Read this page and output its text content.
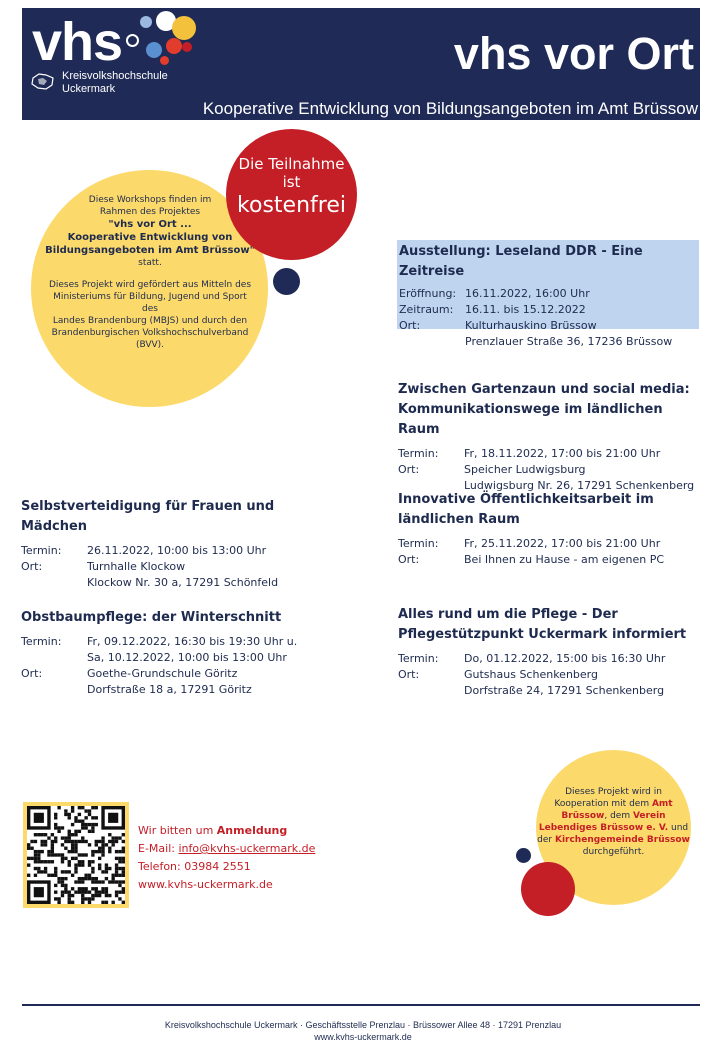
vhs
Kreisvolkshochschule
Uckermark
vhs vor Ort
Kooperative Entwicklung von Bildungsangeboten im Amt Brüssow
Diese Workshops finden im
Rahmen des Projektes
"vhs vor Ort ...
Kooperative Entwicklung von
Bildungsangeboten im Amt Brüssow"
statt.
Dieses Projekt wird gefördert aus Mitteln des
Ministeriums für Bildung, Jugend und Sport des
Landes Brandenburg (MBJS) und durch den
Brandenburgischen Volkshochschulverband
(BVV).
Die Teilnahme
ist
kostenfrei
Ausstellung: Leseland DDR - Eine Zeitreise
Eröffnung: 16.11.2022, 16:00 Uhr
Zeitraum:	16.11. bis 15.12.2022
Ort:	Kulturhauskino Brüssow
Prenzlauer Straße 36, 17236 Brüssow
Zwischen Gartenzaun und social media:
Kommunikationswege im ländlichen Raum
Termin:	Fr, 18.11.2022, 17:00 bis 21:00 Uhr
Ort:	Speicher Ludwigsburg
Ludwigsburg Nr. 26, 17291 Schenkenberg
Selbstverteidigung für Frauen und Mädchen
Termin:	26.11.2022, 10:00 bis 13:00 Uhr
Ort:	Turnhalle Klockow
Klockow Nr. 30 a, 17291 Schönfeld
Innovative Öffentlichkeitsarbeit im
ländlichen Raum
Termin:	Fr, 25.11.2022, 17:00 bis 21:00 Uhr
Ort:	Bei Ihnen zu Hause - am eigenen PC
Obstbaumpflege: der Winterschnitt
Termin:	Fr, 09.12.2022, 16:30 bis 19:30 Uhr u.
Sa, 10.12.2022, 10:00 bis 13:00 Uhr
Ort:	Goethe-Grundschule Göritz
Dorfstraße 18 a, 17291 Göritz
Alles rund um die Pflege - Der
Pflegestützpunkt Uckermark informiert
Termin:	Do, 01.12.2022, 15:00 bis 16:30 Uhr
Ort:	Gutshaus Schenkenberg
Dorfstraße 24, 17291 Schenkenberg
Wir bitten um Anmeldung
E-Mail: info@kvhs-uckermark.de
Telefon: 03984 2551
www.kvhs-uckermark.de
Dieses Projekt wird in
Kooperation mit dem Amt
Brüssow, dem Verein
Lebendiges Brüssow e. V. und
der Kirchengemeinde Brüssow
durchgeführt.
Kreisvolkshochschule Uckermark · Geschäftsstelle Prenzlau · Brüssower Allee 48 · 17291 Prenzlau
www.kvhs-uckermark.de
